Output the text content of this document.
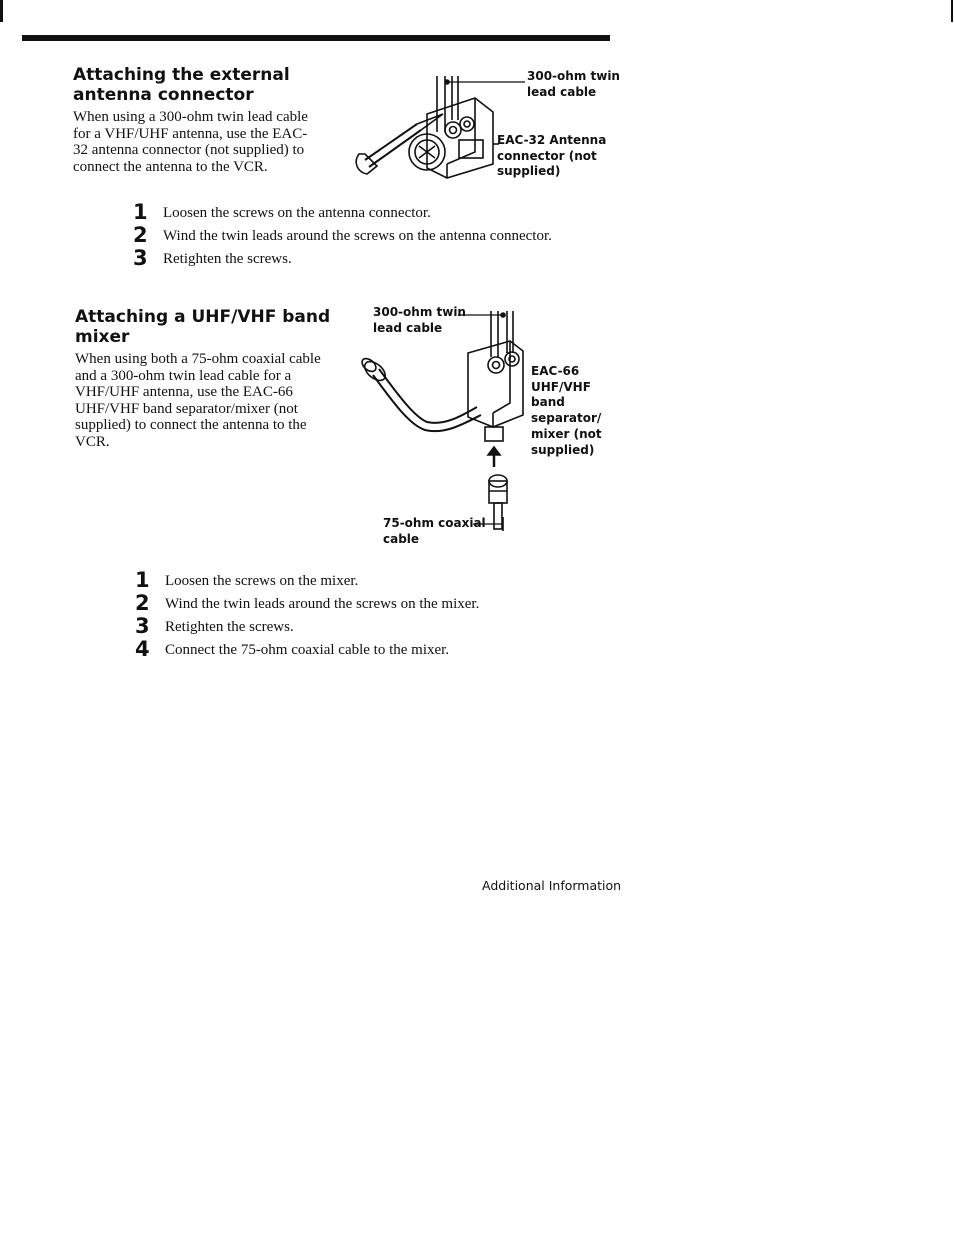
Attaching the external
antenna connector
When using a 300-ohm twin lead cable
for a VHF/UHF antenna, use the EAC-
32 antenna connector (not supplied) to
connect the antenna to the VCR.
300-ohm twin
lead cable
EAC-32 Antenna
connector (not
supplied)
1 Loosen the screws on the antenna connector.
2 Wind the twin leads around the screws on the antenna connector.
3 Retighten the screws.
Attaching a UHF/VHF band
mixer
When using both a 75-ohm coaxial cable
and a 300-ohm twin lead cable for a
VHF/UHF antenna, use the EAC-66
UHF/VHF band separator/mixer (not
supplied) to connect the antenna to the
VCR.
300-ohm twin
lead cable
EAC-66
UHF/VHF
band
separator/
mixer (not
supplied)
75-ohm coaxial
cable
1 Loosen the screws on the mixer.
2 Wind the twin leads around the screws on the mixer.
3 Retighten the screws.
4 Connect the 75-ohm coaxial cable to the mixer.
Additional Information
